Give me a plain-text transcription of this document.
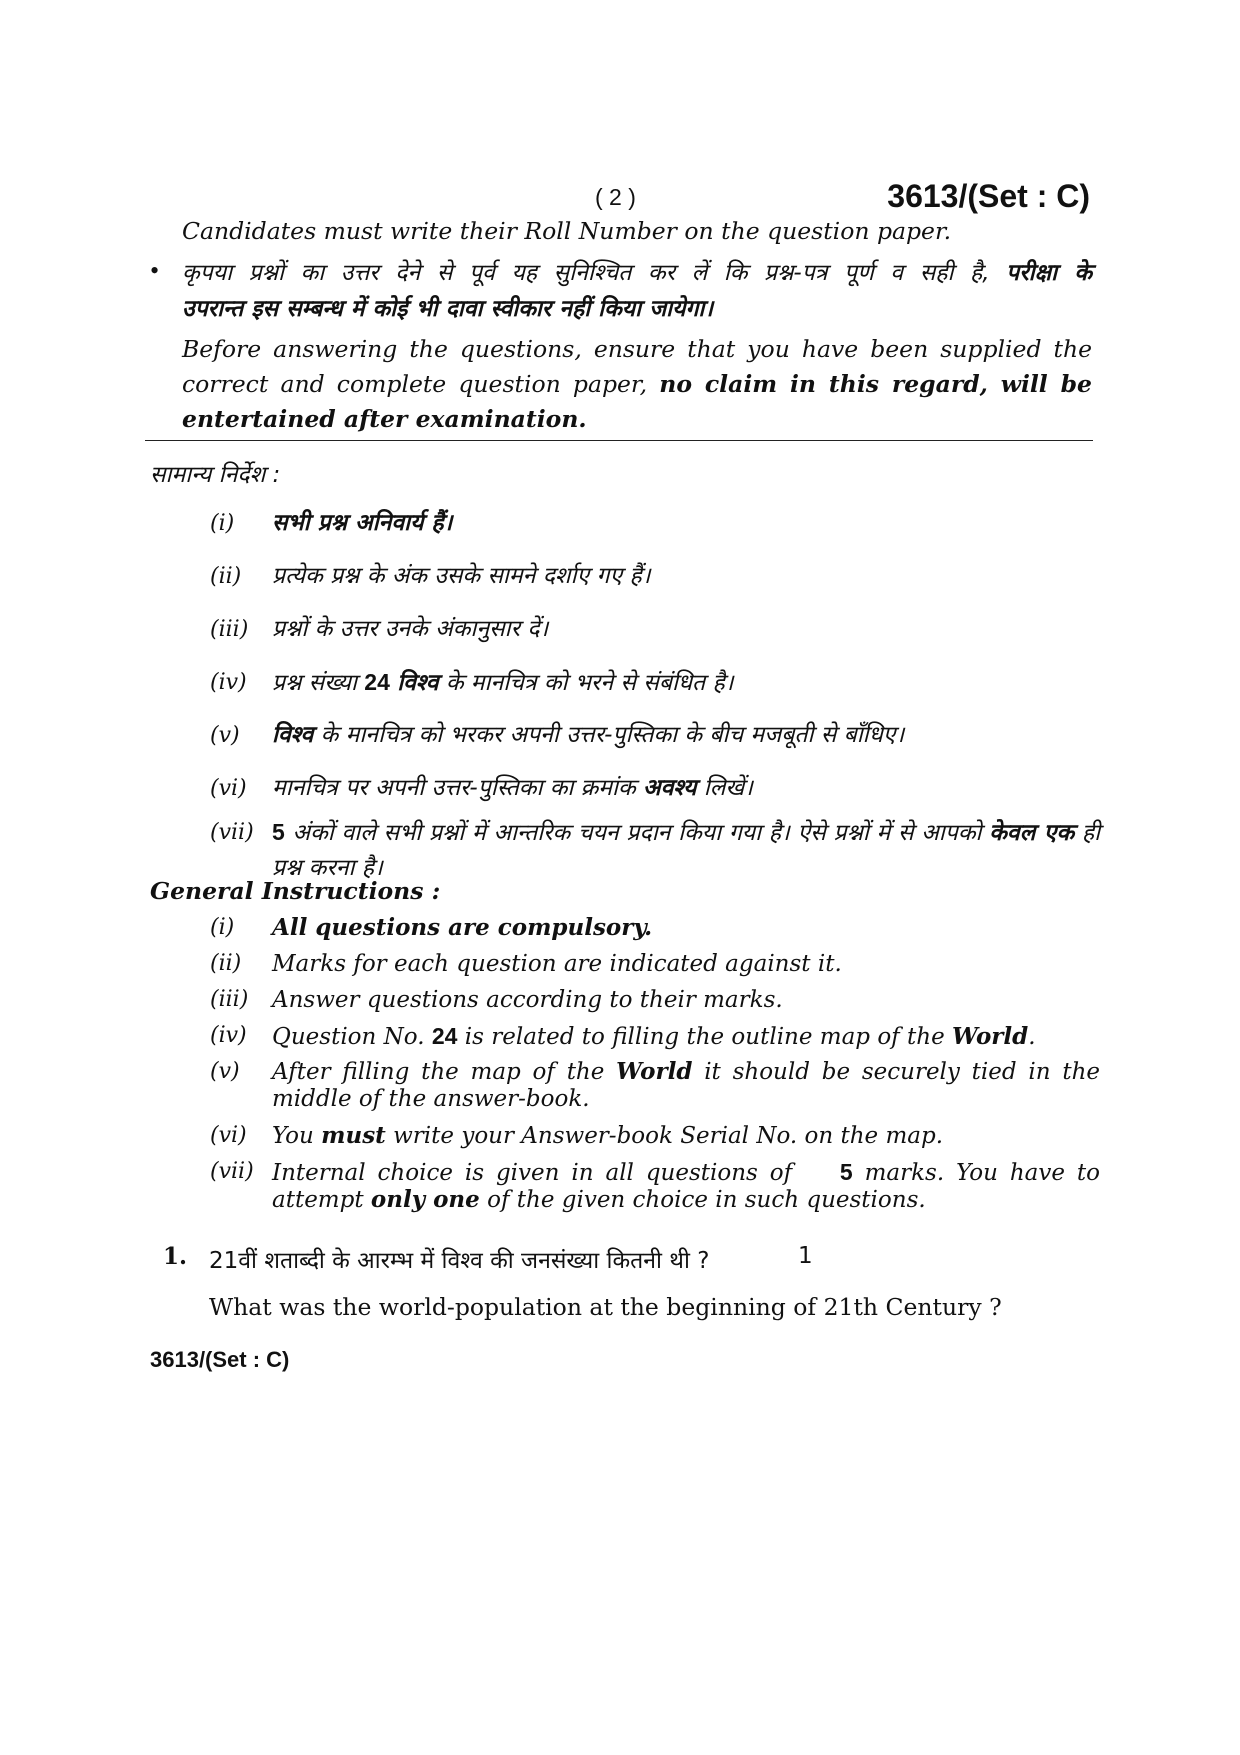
( 2 )	3613/(Set : C)
Candidates must write their Roll Number on the question paper.
• कृपया प्रश्नों का उत्तर देने से पूर्व यह सुनिश्चित कर लें कि प्रश्न-पत्र पूर्ण व सही है, परीक्षा के
उपरान्त इस सम्बन्ध में कोई भी दावा स्वीकार नहीं किया जायेगा।
Before answering the questions, ensure that you have been supplied the
correct and complete question paper, no claim in this regard, will be
entertained after examination.
सामान्य निर्देश :
(i) सभी प्रश्न अनिवार्य हैं।
(ii) प्रत्येक प्रश्न के अंक उसके सामने दर्शाए गए हैं।
(iii) प्रश्नों के उत्तर उनके अंकानुसार दें।
(iv) प्रश्न संख्या 24 विश्व के मानचित्र को भरने से संबंधित है।
(v) विश्व के मानचित्र को भरकर अपनी उत्तर-पुस्तिका के बीच मजबूती से बाँधिए।
(vi) मानचित्र पर अपनी उत्तर-पुस्तिका का क्रमांक अवश्य लिखें।
(vii) 5 अंकों वाले सभी प्रश्नों में आन्तरिक चयन प्रदान किया गया है। ऐसे प्रश्नों में से आपको केवल एक ही प्रश्न करना है।
General Instructions :
(i) All questions are compulsory.
(ii) Marks for each question are indicated against it.
(iii) Answer questions according to their marks.
(iv) Question No. 24 is related to filling the outline map of the World.
(v) After filling the map of the World it should be securely tied in the
middle of the answer-book.
(vi) You must write your Answer-book Serial No. on the map.
(vii) Internal choice is given in all questions of 5 marks. You have to
attempt only one of the given choice in such questions.
1. 21वीं शताब्दी के आरम्भ में विश्व की जनसंख्या कितनी थी ?	1
What was the world-population at the beginning of 21th Century ?
3613/(Set : C)
